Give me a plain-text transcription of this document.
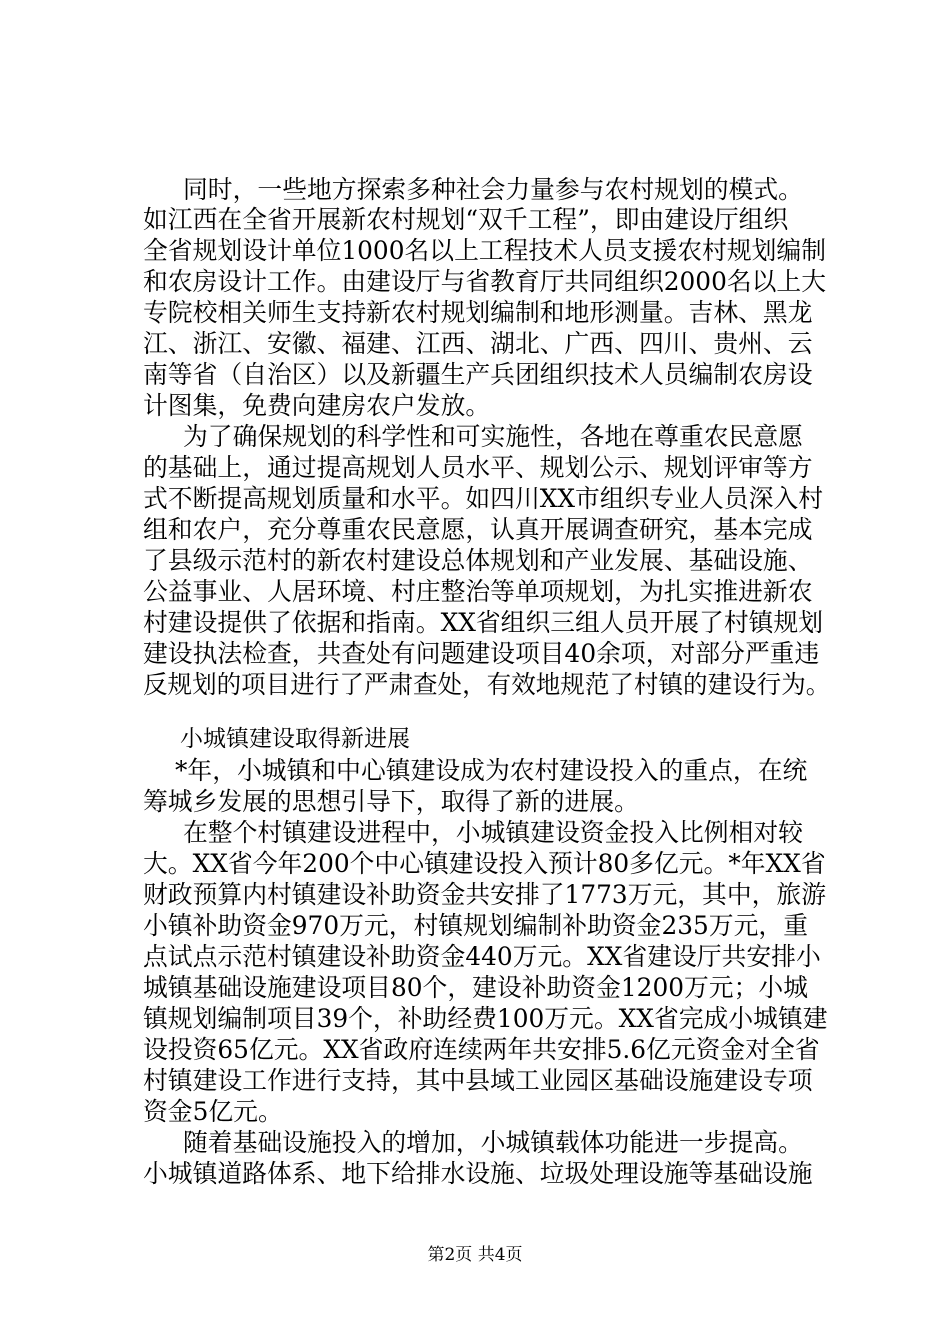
同时，一些地方探索多种社会力量参与农村规划的模式。
如江西在全省开展新农村规划“双千工程”，即由建设厅组织
全省规划设计单位1000名以上工程技术人员支援农村规划编制
和农房设计工作。由建设厅与省教育厅共同组织2000名以上大
专院校相关师生支持新农村规划编制和地形测量。吉林、黑龙
江、浙江、安徽、福建、江西、湖北、广西、四川、贵州、云
南等省（自治区）以及新疆生产兵团组织技术人员编制农房设
计图集，免费向建房农户发放。
为了确保规划的科学性和可实施性，各地在尊重农民意愿
的基础上，通过提高规划人员水平、规划公示、规划评审等方
式不断提高规划质量和水平。如四川XX市组织专业人员深入村
组和农户，充分尊重农民意愿，认真开展调查研究，基本完成
了县级示范村的新农村建设总体规划和产业发展、基础设施、
公益事业、人居环境、村庄整治等单项规划，为扎实推进新农
村建设提供了依据和指南。XX省组织三组人员开展了村镇规划
建设执法检查，共查处有问题建设项目40余项，对部分严重违
反规划的项目进行了严肃查处，有效地规范了村镇的建设行为。
小城镇建设取得新进展
*年，小城镇和中心镇建设成为农村建设投入的重点，在统
筹城乡发展的思想引导下，取得了新的进展。
在整个村镇建设进程中，小城镇建设资金投入比例相对较
大。XX省今年200个中心镇建设投入预计80多亿元。*年XX省
财政预算内村镇建设补助资金共安排了1773万元，其中，旅游
小镇补助资金970万元，村镇规划编制补助资金235万元，重
点试点示范村镇建设补助资金440万元。XX省建设厅共安排小
城镇基础设施建设项目80个，建设补助资金1200万元；小城
镇规划编制项目39个，补助经费100万元。XX省完成小城镇建
设投资65亿元。XX省政府连续两年共安排5.6亿元资金对全省
村镇建设工作进行支持，其中县域工业园区基础设施建设专项
资金5亿元。
随着基础设施投入的增加，小城镇载体功能进一步提高。
小城镇道路体系、地下给排水设施、垃圾处理设施等基础设施
第2页 共4页
